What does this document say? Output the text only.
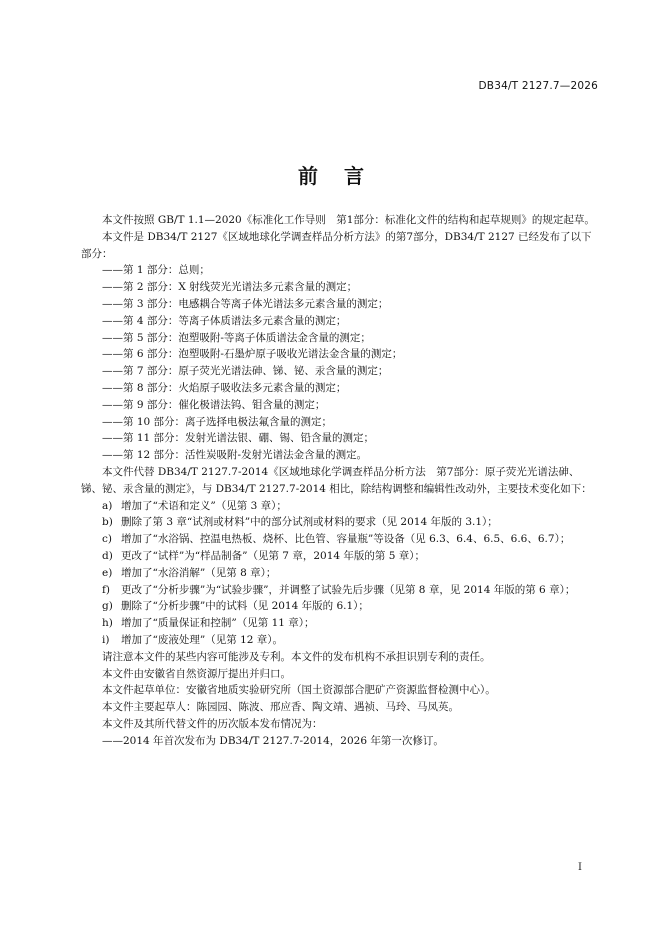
DB34/T 2127.7—2026
前言

本文件按照 GB/T 1.1—2020《标准化工作导则　第1部分：标准化文件的结构和起草规则》的规定起草。

本文件是 DB34/T 2127《区域地球化学调查样品分析方法》的第7部分，DB34/T 2127 已经发布了以下部分：

——第 1 部分：总则；

——第 2 部分：X 射线荧光光谱法多元素含量的测定；

——第 3 部分：电感耦合等离子体光谱法多元素含量的测定；

——第 4 部分：等离子体质谱法多元素含量的测定；

——第 5 部分：泡塑吸附-等离子体质谱法金含量的测定；

——第 6 部分：泡塑吸附-石墨炉原子吸收光谱法金含量的测定；

——第 7 部分：原子荧光光谱法砷、锑、铋、汞含量的测定；

——第 8 部分：火焰原子吸收法多元素含量的测定；

——第 9 部分：催化极谱法钨、钼含量的测定；

——第 10 部分：离子选择电极法氟含量的测定；

——第 11 部分：发射光谱法银、硼、锡、铅含量的测定；

——第 12 部分：活性炭吸附-发射光谱法金含量的测定。

本文件代替 DB34/T 2127.7-2014《区域地球化学调查样品分析方法　第7部分：原子荧光光谱法砷、锑、铋、汞含量的测定》，与 DB34/T 2127.7-2014 相比，除结构调整和编辑性改动外，主要技术变化如下：

a) 增加了“术语和定义”（见第 3 章）；

b) 删除了第 3 章“试剂或材料”中的部分试剂或材料的要求（见 2014 年版的 3.1）；

c) 增加了“水浴锅、控温电热板、烧杯、比色管、容量瓶”等设备（见 6.3、6.4、6.5、6.6、6.7）；

d) 更改了“试样”为“样品制备”（见第 7 章，2014 年版的第 5 章）；

e) 增加了“水浴消解”（见第 8 章）；

f) 更改了“分析步骤”为“试验步骤”，并调整了试验先后步骤（见第 8 章，见 2014 年版的第 6 章）；

g) 删除了“分析步骤”中的试料（见 2014 年版的 6.1）；

h) 增加了“质量保证和控制”（见第 11 章）；

i) 增加了“废液处理”（见第 12 章）。

请注意本文件的某些内容可能涉及专利。本文件的发布机构不承担识别专利的责任。

本文件由安徽省自然资源厅提出并归口。

本文件起草单位：安徽省地质实验研究所（国土资源部合肥矿产资源监督检测中心）。

本文件主要起草人：陈园园、陈波、邢应香、陶文靖、遇祯、马玲、马凤英。

本文件及其所代替文件的历次版本发布情况为：

——2014 年首次发布为 DB34/T 2127.7-2014，2026 年第一次修订。

I
